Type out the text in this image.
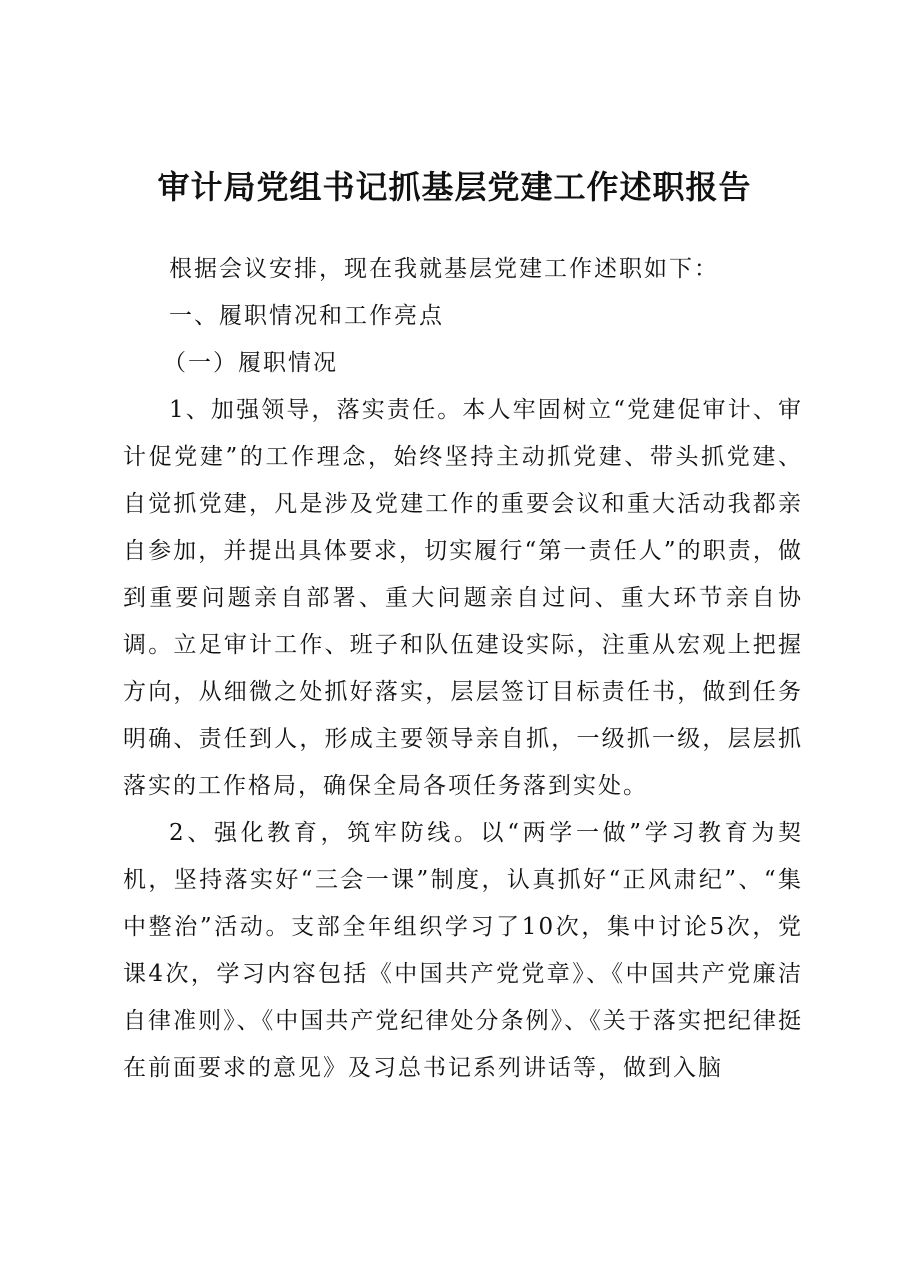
审计局党组书记抓基层党建工作述职报告

根据会议安排，现在我就基层党建工作述职如下：

一、履职情况和工作亮点

（一）履职情况

1、加强领导，落实责任。本人牢固树立“党建促审计、审计促党建”的工作理念，始终坚持主动抓党建、带头抓党建、自觉抓党建，凡是涉及党建工作的重要会议和重大活动我都亲自参加，并提出具体要求，切实履行“第一责任人”的职责，做到重要问题亲自部署、重大问题亲自过问、重大环节亲自协调。立足审计工作、班子和队伍建设实际，注重从宏观上把握方向，从细微之处抓好落实，层层签订目标责任书，做到任务明确、责任到人，形成主要领导亲自抓，一级抓一级，层层抓落实的工作格局，确保全局各项任务落到实处。

2、强化教育，筑牢防线。以“两学一做”学习教育为契机，坚持落实好“三会一课”制度，认真抓好“正风肃纪”、“集中整治”活动。支部全年组织学习了10次，集中讨论5次，党课4次，学习内容包括《中国共产党党章》、《中国共产党廉洁自律准则》、《中国共产党纪律处分条例》、《关于落实把纪律挺在前面要求的意见》及习总书记系列讲话等，做到入脑
